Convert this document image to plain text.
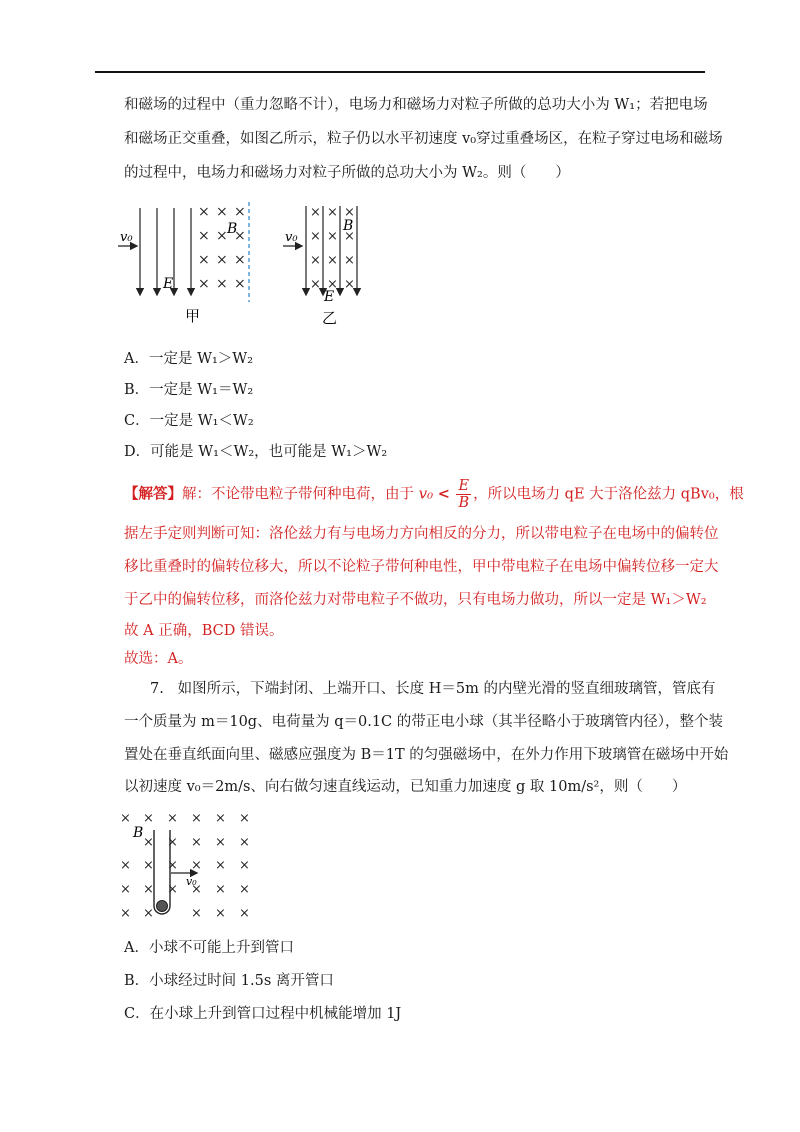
和磁场的过程中（重力忽略不计），电场力和磁场力对粒子所做的总功大小为 W₁；若把电场
和磁场正交重叠，如图乙所示，粒子仍以水平初速度 v₀穿过重叠场区，在粒子穿过电场和磁场
的过程中，电场力和磁场力对粒子所做的总功大小为 W₂。则（　　）
v₀
E
× × ×
× × ×
× × ×
× × ×
B
甲
v₀
× × ×
× × ×
× × ×
× × ×
B
E
乙
A．一定是 W₁＞W₂
B．一定是 W₁＝W₂
C．一定是 W₁＜W₂
D．可能是 W₁＜W₂，也可能是 W₁＞W₂
【解答】解：不论带电粒子带何种电荷，由于 $v_0 < \frac{E}{B}$ ，所以电场力 qE 大于洛伦兹力 qBv₀，根
据左手定则判断可知：洛伦兹力有与电场力方向相反的分力，所以带电粒子在电场中的偏转位
移比重叠时的偏转位移大，所以不论粒子带何种电性，甲中带电粒子在电场中偏转位移一定大
于乙中的偏转位移，而洛伦兹力对带电粒子不做功，只有电场力做功，所以一定是 W₁＞W₂
故 A 正确，BCD 错误。
故选：A。
7. 如图所示，下端封闭、上端开口、长度 H＝5m 的内壁光滑的竖直细玻璃管，管底有
一个质量为 m＝10g、电荷量为 q＝0.1C 的带正电小球（其半径略小于玻璃管内径），整个装
置处在垂直纸面向里、磁感应强度为 B＝1T 的匀强磁场中，在外力作用下玻璃管在磁场中开始
以初速度 v₀＝2m/s、向右做匀速直线运动，已知重力加速度 g 取 10m/s²，则（　　）
× × × × × ×
× × × × ×
× × × × × ×
× × × × × ×
× ×	× × ×
B
v₀
A．小球不可能上升到管口
B．小球经过时间 1.5s 离开管口
C．在小球上升到管口过程中机械能增加 1J
